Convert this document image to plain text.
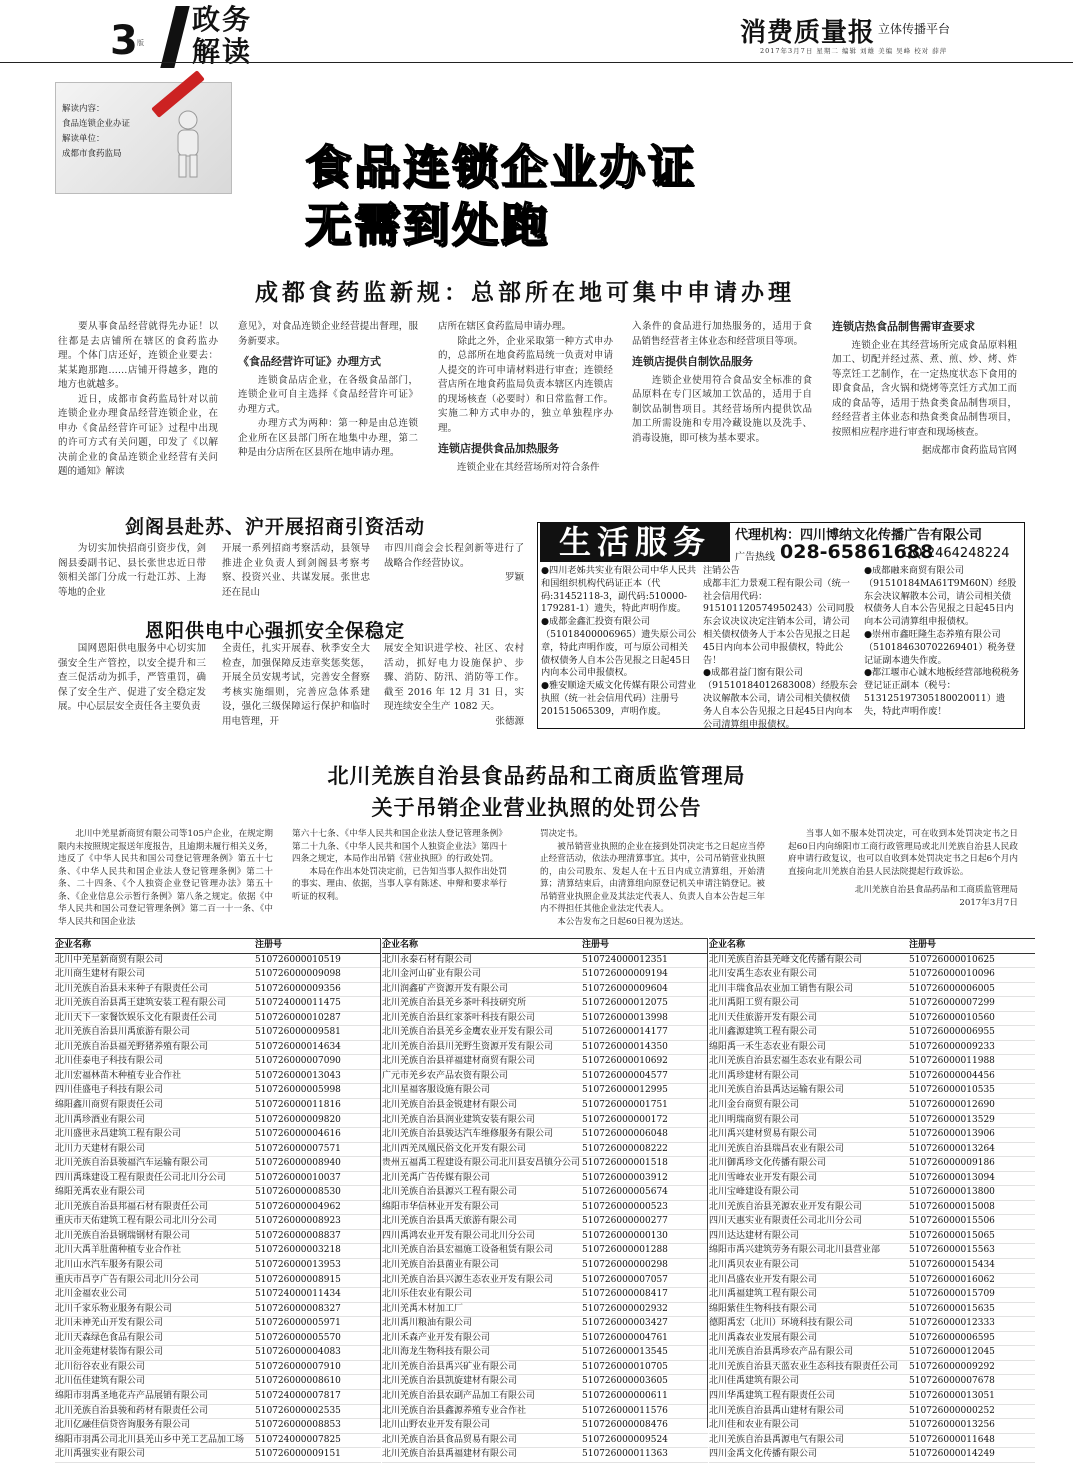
3 版
政务
解读
消费质量报 立体传播平台
2017年3月7日 星期二 编辑 刘雄 美编 吴峰 校对 薛萍
解读内容：
食品连锁企业办证
解读单位：
成都市食药监局	食品连锁企业办证
无需到处跑
成都食药监新规：总部所在地可集中申请办理
　　要从事食品经营就得先办证！以往都是去店铺所在辖区的食药监办理。个体门店还好，连锁企业要去：某某跑那跑……店铺开得越多，跑的地方也就越多。
　　近日，成都市食药监局针对以前连锁企业办理食品经营连锁企业，在申办《食品经营许可证》过程中出现的许可方式有关问题，印发了《以解决前企业的食品连锁企业经营有关问题的通知》解读
意见》，对食品连锁企业经营提出督理，服务新要求。
《食品经营许可证》办理方式
　　连锁食品店企业，在各级食品部门，连锁企业可自主选择《食品经营许可证》办理方式。
　　办理方式为两种：第一种是由总连锁企业所在区县部门所在地集中办理，第二种是由分店所在区县所在地申请办理。
店所在辖区食药监局申请办理。
　　除此之外，企业采取第一种方式申办的，总部所在地食药监局统一负责对申请人提交的许可申请材料进行审查；连锁经营店所在地食药监局负责本辖区内连锁店的现场核查（必要时）和日常监督工作。实施二种方式申办的，独立单独程序办理。
连锁店提供食品加热服务
　　连锁企业在其经营场所对符合条件
入条件的食品进行加热服务的，适用于食品销售经营者主体业态和经营项目等项。
连锁店提供自制饮品服务
　　连锁企业使用符合食品安全标准的食品原料在专门区域加工饮品的，适用于自制饮品制售项目。其经营场所内提供饮品加工所需设施和专用冷藏设施以及洗手、消毒设施，即可核为基本要求。
连锁店热食品制售需审查要求
　　连锁企业在其经营场所完成食品原料粗加工、切配并经过蒸、煮、煎、炒、烤、炸等烹饪工艺制作，在一定热度状态下食用的即食食品，含火锅和烧烤等烹饪方式加工而成的食品等，适用于热食类食品制售项目，经经营者主体业态和热食类食品制售项目，按照相应程序进行审查和现场核查。
据成都市食药监局官网
剑阁县赴苏、沪开展招商引资活动
　　为切实加快招商引资步伐，剑阁县委副书记、县长张世忠近日带领相关部门分成一行赴江苏、上海等地的企业
开展一系列招商考察活动，县领导推进企业负责人到剑阁县考察考察、投资兴业、共谋发展。张世忠还在昆山
市四川商会会长程剑新等进行了战略合作经营协议。
罗颖
恩阳供电中心强抓安全保稳定
　　国网恩阳供电服务中心切实加强安全生产管控，以安全提升和三查三促活动为抓手，严管重罚，确保了安全生产、促进了安全稳定发展。中心层层安全责任各主要负责
全责任，扎实开展春、秋季安全大检查，加强保障反违章奖惩奖惩，开展全员安规考试，完善安全督察考核实施细则，完善应急体系建设，强化三级保障运行保护和临时用电管理，开
展安全知识进学校、社区、农村活动，抓好电力设施保护、步骤、消防、防汛、消防等工作。截至 2016 年 12 月 31 日，实现连续安全生产 1082 天。
张德源
生活服务	代理机构：四川博纳文化传播广告有限公司
广告热线 028-65861688
QQ:2464248224
●四川老姊共实业有限公司中华人民共和国组织机构代码证正本（代码:31452118-3，副代码:510000-179281-1）遗失，特此声明作废。
●成都金鑫汇投资有限公司（51018400006965）遗失原公司公章，特此声明作废，可与原公司相关债权债务人自本公告见报之日起45日内向本公司申报债权。
●雅安顺途天威文化传媒有限公司营业执照（统一社会信用代码）注册号201515065309，声明作废。
注销公告
成都丰汇力景观工程有限公司（统一社会信用代码：915101120574950243）公司同股东会议决议决定注销本公司，请公司相关债权债务人于本公告见报之日起45日内向本公司申报债权，特此公告！
●成都君益门窗有限公司（91510184012683008）经股东会决议解散本公司，请公司相关债权债务人自本公告见报之日起45日内向本公司清算组申报债权。
●成都融来商贸有限公司（91510184MA61T9M60N）经股东会决议解散本公司，请公司相关债权债务人自本公告见报之日起45日内向本公司清算组申报债权。
●崇州市鑫旺隆生态养殖有限公司（510184630702269401）税务登记证副本遗失作废。
●都江堰市心诚木地板经营部地税税务登记证正副本（税号：513125197305180020011）遗失，特此声明作废！
北川羌族自治县食品药品和工商质监管理局
关于吊销企业营业执照的处罚公告
　　北川中羌星新商贸有限公司等105户企业，在规定期限内未按照规定报送年度报告，且逾期未履行相关义务，违反了《中华人民共和国公司登记管理条例》第五十七条、《中华人民共和国企业法人登记管理条例》第二十条、二十四条、《个人独资企业登记管理办法》第五十条、《企业信息公示暂行条例》第八条之规定。依据《中华人民共和国公司登记管理条例》第二百一十一条、《中华人民共和国企业法
第六十七条、《中华人民共和国企业法人登记管理条例》第二十九条、《中华人民共和国个人独资企业法》第四十四条之规定，本局作出吊销《营业执照》的行政处罚。
　　本局在作出本处罚决定前，已告知当事人拟作出处罚的事实、理由、依据，当事人享有陈述、申辩和要求举行听证的权利。
罚决定书。
　　被吊销营业执照的企业在接到处罚决定书之日起应当停止经营活动，依法办理清算事宜。其中，公司吊销营业执照的，由公司股东、发起人在十五日内成立清算组，开始清算；清算结束后，由清算组向原登记机关申请注销登记。被吊销营业执照企业及其法定代表人、负责人自本公告起三年内不得担任其他企业法定代表人。
　　本公告发布之日起60日视为送达。
　　当事人如不服本处罚决定，可在收到本处罚决定书之日起60日内向绵阳市工商行政管理局或北川羌族自治县人民政府申请行政复议，也可以自收到本处罚决定书之日起6个月内直接向北川羌族自治县人民法院提起行政诉讼。
北川羌族自治县食品药品和工商质监管理局
2017年3月7日
企业名称	注册号
北川中羌星新商贸有限公司	510726000010519
北川商生建材有限公司	510726000009098
北川羌族自治县未来种子有限责任公司	510726000009356
北川羌族自治县禹王建筑安装工程有限公司	510724000011475
北川天下一家餐饮娱乐文化有限责任公司	510726000010287
北川羌族自治县川禹旅游有限公司	510726000009581
北川羌族自治县福羌野猪养殖有限公司	510726000014634
北川佳泰电子科技有限公司	510726000007090
北川宏福林苗木种植专业合作社	510726000013043
四川佳盛电子科技有限公司	510726000005998
绵阳鑫川商贸有限责任公司	510726000011816
北川禹珍酒业有限公司	510726000009820
北川盛世永昌建筑工程有限公司	510726000004616
北川力天建材有限公司	510726000007571
北川羌族自治县骏福汽车运输有限公司	510726000008940
四川禹珠建设工程有限责任公司北川分公司	510726000010037
绵阳羌禹农业有限公司	510726000008530
北川羌族自治县邦福石材有限责任公司	510726000004962
重庆市天佑建筑工程有限公司北川分公司	510726000008923
北川羌族自治县钢瑞钢材有限公司	510726000008837
北川大禹羊肚菌种植专业合作社	510726000003218
北川山水汽车服务有限公司	510726000013953
重庆市昌亨广告有限公司北川分公司	510726000008915
北川金福农业公司	510724000011434
北川千家乐物业服务有限公司	510726000008327
北川未神羌山开发有限公司	510726000005971
北川天森绿色食品有限公司	510726000005570
北川金苑建材装饰有限公司	510726000004083
北川衍谷农业有限公司	510726000007910
北川伍佳建筑有限公司	510726000008610
绵阳市羽禹圣地花卉产品展销有限公司	510724000007817
北川羌族自治县骏和药材有限责任公司	510726000002535
北川亿融佳信贷咨询服务有限公司	510726000008853
绵阳市羽禹公司北川县羌山乡中羌工艺品加工场	510724000007825
北川禹强实业有限公司	510726000009151
企业名称	注册号
北川永泰石材有限公司	510724000012351
北川金河山矿业有限公司	510726000009194
北川润鑫矿产资源开发有限公司	510726000009604
北川羌族自治县羌乡茶叶科技研究所	510726000012075
北川羌族自治县红家茶叶科技有限公司	510726000013998
北川羌族自治县羌乡金鹰农业开发有限公司	510726000014177
北川羌族自治县川羌野生资源开发有限公司	510726000014350
北川羌族自治县祥福建材商贸有限公司	510726000010692
广元市羌乡农产品农资有限公司	510726000004577
北川星福客服设施有限公司	510726000012995
北川羌族自治县金锐建材有限公司	510726000001751
北川羌族自治县润业建筑安装有限公司	510726000000172
北川羌族自治县骏达汽车维修服务有限公司	510726000006048
北川西羌凤凰民俗文化开发有限公司	510726000008222
贵州五福禹工程建设有限公司北川县安昌镇分公司 510726000001518
北川羌禹广告传媒有限公司	510726000003912
北川羌族自治县源兴工程有限公司	510726000005674
绵阳市华信林业开发有限公司	510726000000523
北川羌族自治县禹天旅游有限公司	510726000000277
四川禹鸿农业开发有限公司北川分公司	510726000000130
北川羌族自治县宏福施工设备租赁有限公司	510726000001288
北川羌族自治县菌业有限公司	510726000000298
北川羌族自治县兴源生态农业开发有限公司	510726000007057
北川乐佳农业有限公司	510726000008417
北川羌禹木材加工厂	510726000002932
北川禹川粮油有限公司	510726000003427
北川禾森产业开发有限公司	510726000004761
北川海龙生物科技有限公司	510726000013545
北川羌族自治县禹兴矿业有限公司	510726000010705
北川羌族自治县凯旋建材有限公司	510726000003605
北川羌族自治县农副产品加工有限公司	510726000000611
北川羌族自治县鑫源养殖专业合作社	510726000011576
北川山野农业开发有限公司	510726000008476
北川羌族自治县食品贸易有限公司	510726000009524
北川羌族自治县禹福建材有限公司	510726000011363
企业名称	注册号
北川羌族自治县羌峰文化传播有限公司	510726000010625
北川安禹生态农业有限公司	510726000010096
北川丰瑞食品农业加工销售有限公司	510726000006005
北川禹阳工贸有限公司	510726000007299
北川天佳旅游开发有限公司	510726000010560
北川鑫源建筑工程有限公司	510726000006955
绵阳禹一禾生态农业有限公司	510726000009233
北川羌族自治县宏福生态农业有限公司	510726000011988
北川禹珍建材有限公司	510726000004456
北川羌族自治县禹达运输有限公司	510726000010535
北川金台商贸有限公司	510726000012690
北川明瑞商贸有限公司	510726000013529
北川禹兴建材贸易有限公司	510726000013906
北川羌族自治县瑞昌农业有限公司	510726000013264
北川御禹珍文化传播有限公司	510726000009186
北川雪峰农业开发有限公司	510726000013094
北川宝峰建设有限公司	510726000013800
北川羌族自治县羌源农业开发有限公司	510726000015008
四川天惠实业有限责任公司北川分公司	510726000015506
四川达达建材有限公司	510726000015065
绵阳市禹兴建筑劳务有限公司北川县营业部	510726000015563
北川禹贝农业有限公司	510726000015434
北川昌盛农业开发有限公司	510726000016062
北川禹福建筑工程有限公司	510726000015709
绵阳紫佳生物科技有限公司	510726000015635
德阳禹宏（北川）环境科技有限公司	510726000012333
北川禹森农业发展有限公司	510726000006595
北川羌族自治县禹珍农产品有限公司	510726000012045
北川羌族自治县天蓝农业生态科技有限责任公司	510726000009292
北川佳禹建筑有限公司	510726000007678
四川华禹建筑工程有限责任公司	510726000013051
北川羌族自治县禹山建材有限公司	510726000000252
北川佳和农业有限公司	510726000013256
北川羌族自治县禹源电气有限公司	510726000011648
四川金禹文化传播有限公司	510726000014249
